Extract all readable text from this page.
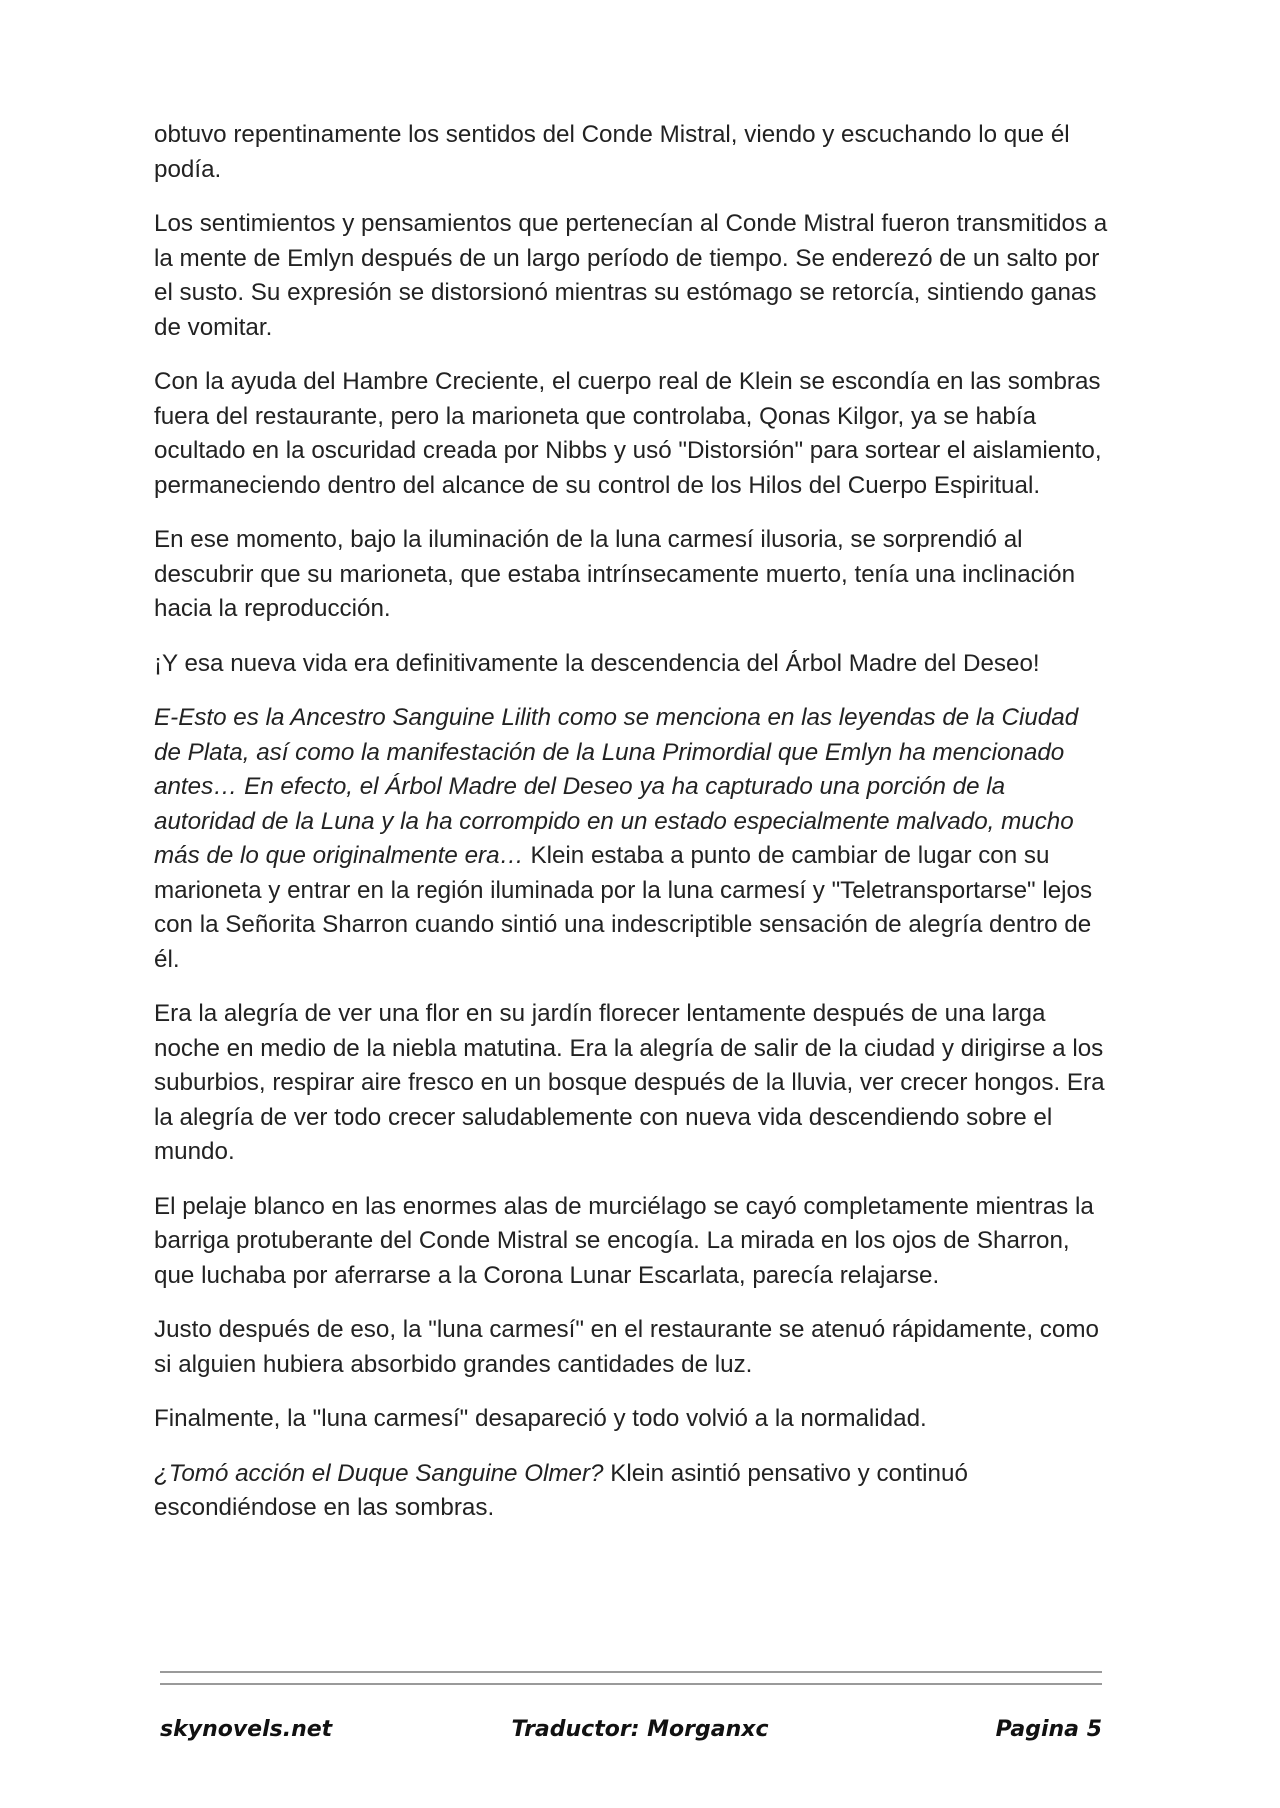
obtuvo repentinamente los sentidos del Conde Mistral, viendo y escuchando lo que él podía.

Los sentimientos y pensamientos que pertenecían al Conde Mistral fueron transmitidos a la mente de Emlyn después de un largo período de tiempo. Se enderezó de un salto por el susto. Su expresión se distorsionó mientras su estómago se retorcía, sintiendo ganas de vomitar.

Con la ayuda del Hambre Creciente, el cuerpo real de Klein se escondía en las sombras fuera del restaurante, pero la marioneta que controlaba, Qonas Kilgor, ya se había ocultado en la oscuridad creada por Nibbs y usó "Distorsión" para sortear el aislamiento, permaneciendo dentro del alcance de su control de los Hilos del Cuerpo Espiritual.

En ese momento, bajo la iluminación de la luna carmesí ilusoria, se sorprendió al descubrir que su marioneta, que estaba intrínsecamente muerto, tenía una inclinación hacia la reproducción.

¡Y esa nueva vida era definitivamente la descendencia del Árbol Madre del Deseo!

E-Esto es la Ancestro Sanguine Lilith como se menciona en las leyendas de la Ciudad de Plata, así como la manifestación de la Luna Primordial que Emlyn ha mencionado antes… En efecto, el Árbol Madre del Deseo ya ha capturado una porción de la autoridad de la Luna y la ha corrompido en un estado especialmente malvado, mucho más de lo que originalmente era… Klein estaba a punto de cambiar de lugar con su marioneta y entrar en la región iluminada por la luna carmesí y "Teletransportarse" lejos con la Señorita Sharron cuando sintió una indescriptible sensación de alegría dentro de él.

Era la alegría de ver una flor en su jardín florecer lentamente después de una larga noche en medio de la niebla matutina. Era la alegría de salir de la ciudad y dirigirse a los suburbios, respirar aire fresco en un bosque después de la lluvia, ver crecer hongos. Era la alegría de ver todo crecer saludablemente con nueva vida descendiendo sobre el mundo.

El pelaje blanco en las enormes alas de murciélago se cayó completamente mientras la barriga protuberante del Conde Mistral se encogía. La mirada en los ojos de Sharron, que luchaba por aferrarse a la Corona Lunar Escarlata, parecía relajarse.

Justo después de eso, la "luna carmesí" en el restaurante se atenuó rápidamente, como si alguien hubiera absorbido grandes cantidades de luz.

Finalmente, la "luna carmesí" desapareció y todo volvió a la normalidad.

¿Tomó acción el Duque Sanguine Olmer? Klein asintió pensativo y continuó escondiéndose en las sombras.

skynovels.net	Traductor: Morganxc	Pagina 5
